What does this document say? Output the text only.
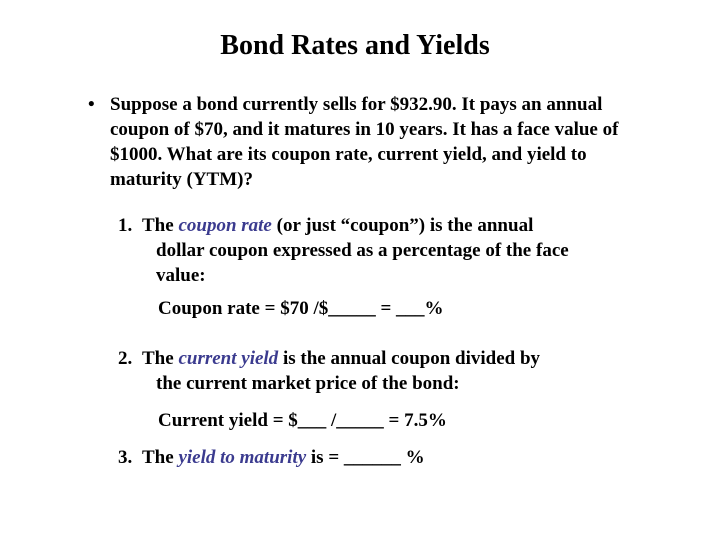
Bond Rates and Yields
• Suppose a bond currently sells for $932.90. It pays an annual coupon of $70, and it matures in 10 years. It has a face value of $1000. What are its coupon rate, current yield, and yield to maturity (YTM)?
1. The coupon rate (or just “coupon”) is the annual
dollar coupon expressed as a percentage of the face value:
Coupon rate = $70 /$_____ = ___%
2. The current yield is the annual coupon divided by
the current market price of the bond:
Current yield = $___ /_____ = 7.5%
3. The yield to maturity is = ______ %
